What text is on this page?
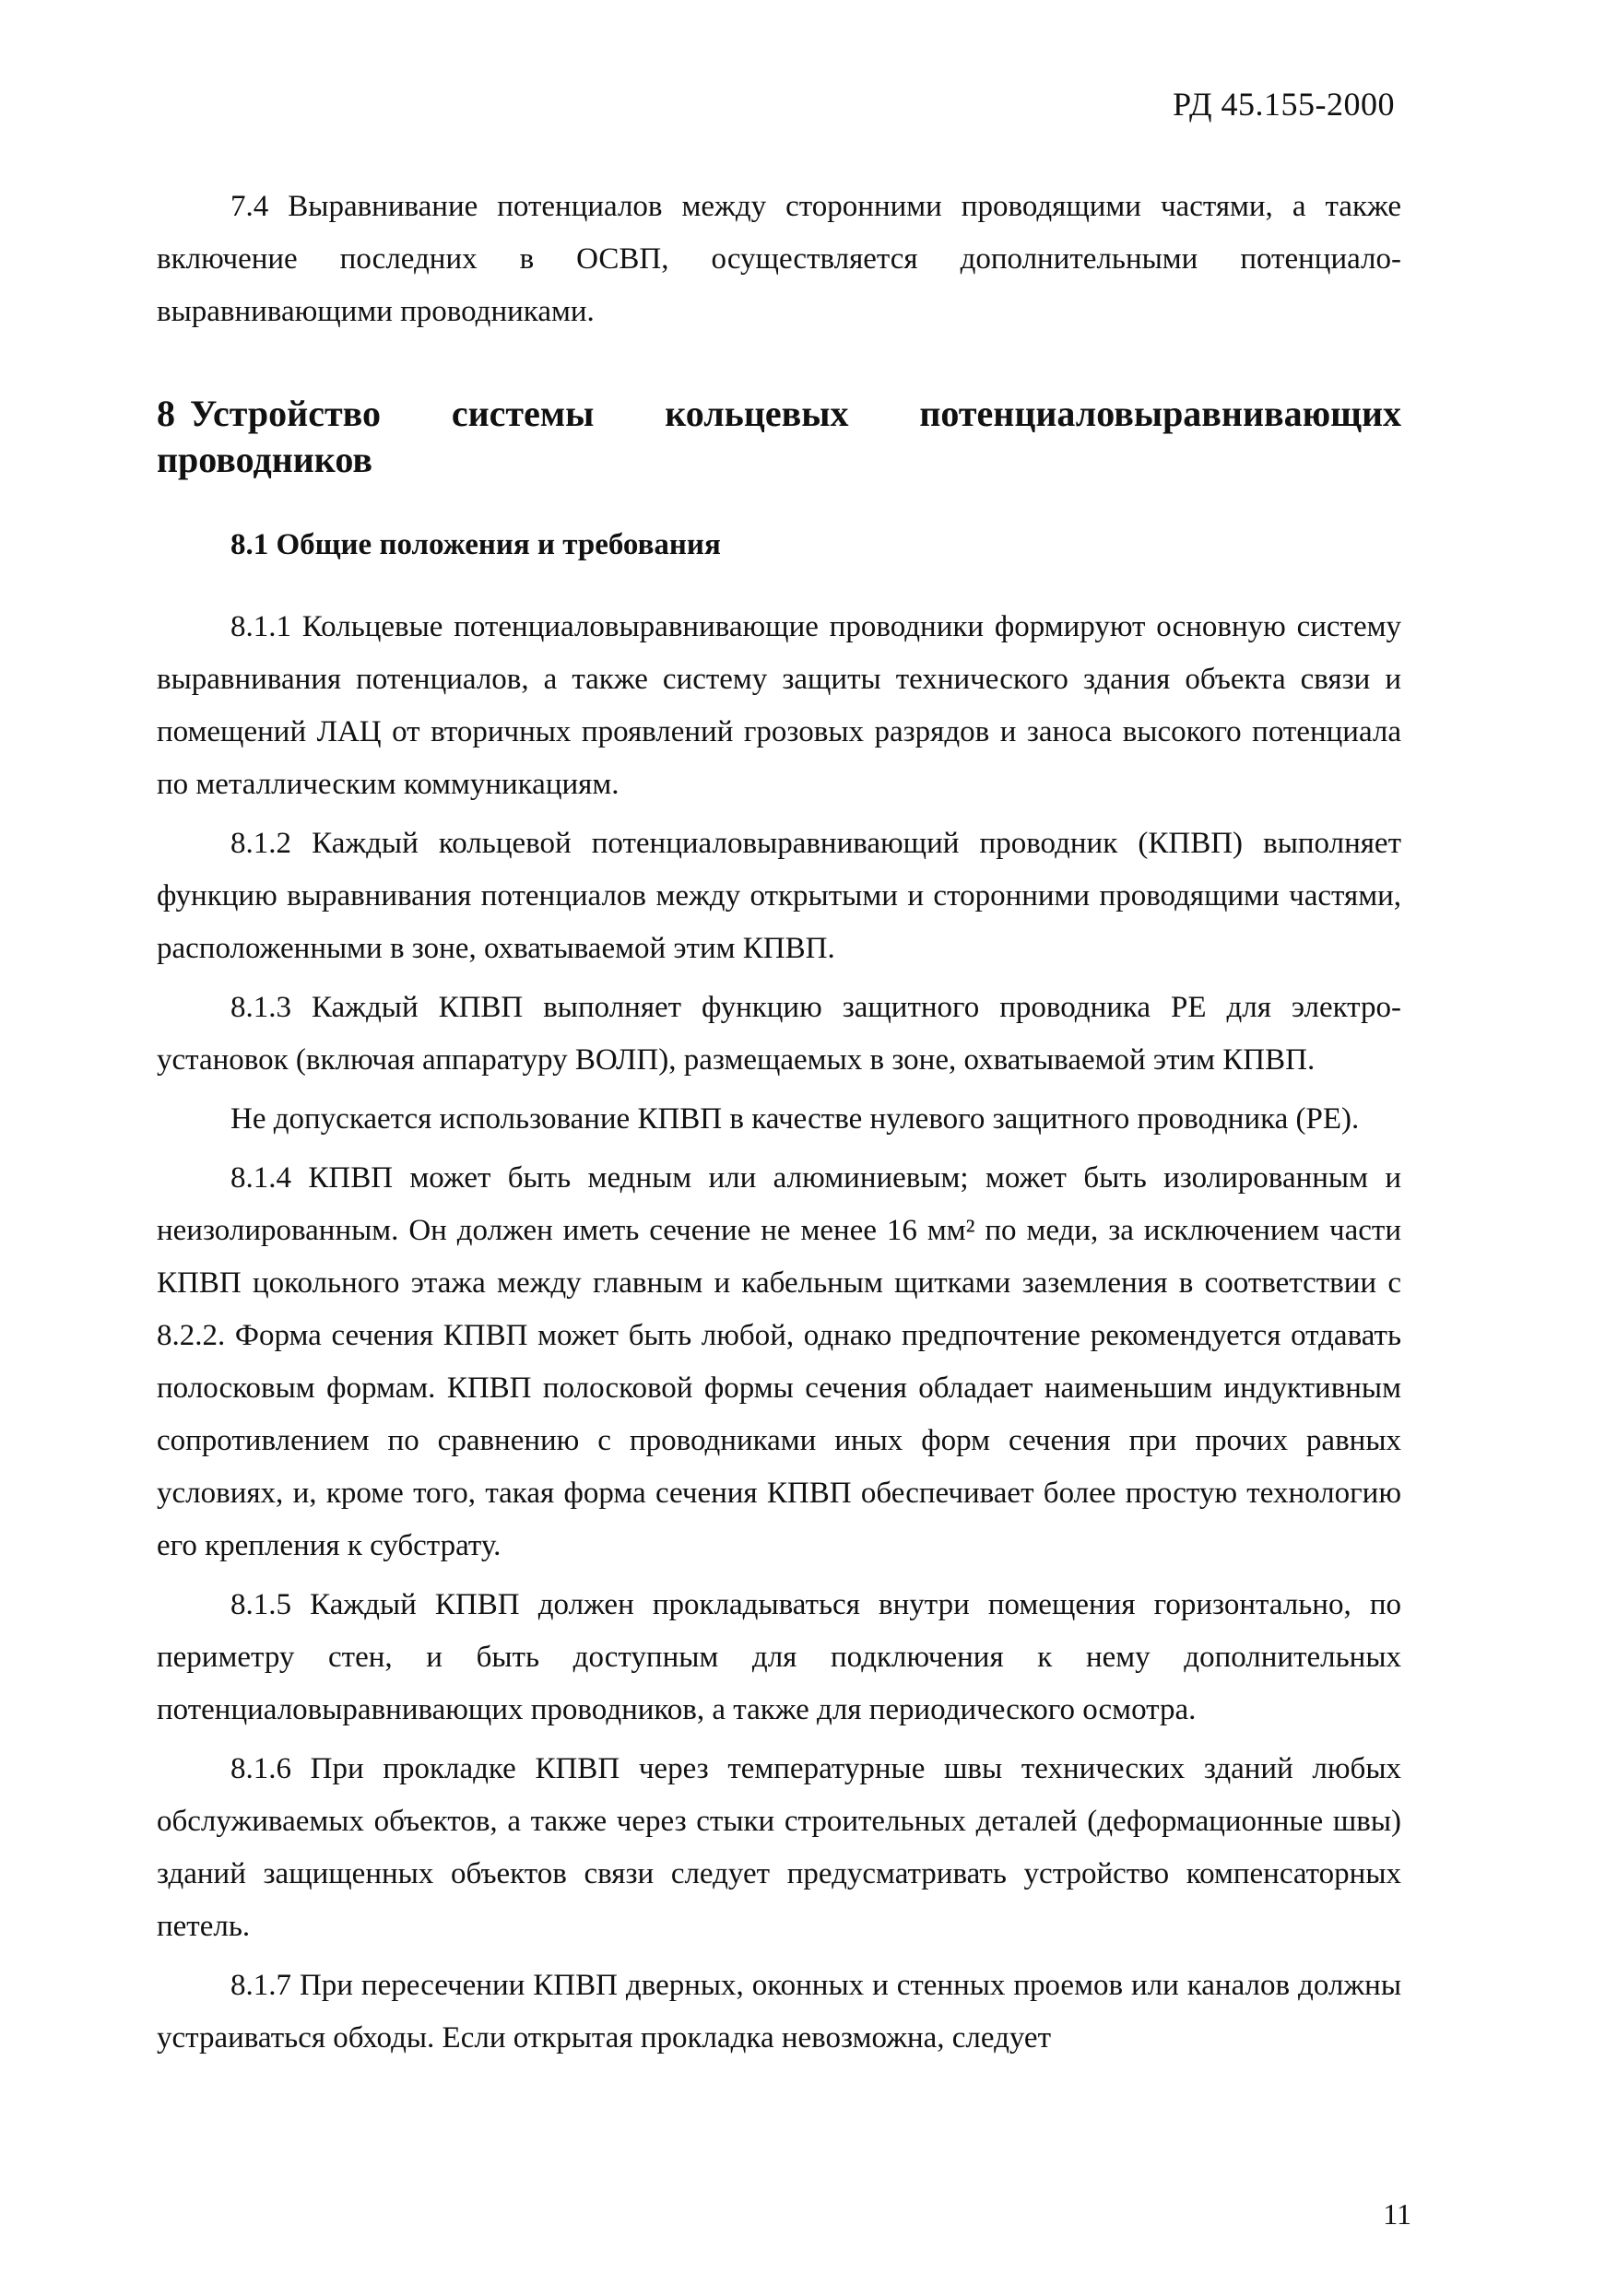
РД 45.155-2000

7.4 Выравнивание потенциалов между сторонними проводящими частями, а также включение последних в ОСВП, осуществляется дополнительными потенциало-выравнивающими проводниками.

8 Устройство системы кольцевых потенциаловыравнивающих проводников
8.1 Общие положения и требования

8.1.1 Кольцевые потенциаловыравнивающие проводники формируют основную систему выравнивания потенциалов, а также систему защиты технического здания объекта связи и помещений ЛАЦ от вторичных проявлений грозовых разрядов и заноса высокого потенциала по металлическим коммуникациям.

8.1.2 Каждый кольцевой потенциаловыравнивающий проводник (КПВП) выполняет функцию выравнивания потенциалов между открытыми и сторонними проводящими частями, расположенными в зоне, охватываемой этим КПВП.

8.1.3 Каждый КПВП выполняет функцию защитного проводника РЕ для электро-установок (включая аппаратуру ВОЛП), размещаемых в зоне, охватываемой этим КПВП.

Не допускается использование КПВП в качестве нулевого защитного проводника (РЕ).

8.1.4 КПВП может быть медным или алюминиевым; может быть изолированным и неизолированным. Он должен иметь сечение не менее 16 мм² по меди, за исключением части КПВП цокольного этажа между главным и кабельным щитками заземления в соответствии с 8.2.2. Форма сечения КПВП может быть любой, однако предпочтение рекомендуется отдавать полосковым формам. КПВП полосковой формы сечения обладает наименьшим индуктивным сопротивлением по сравнению с проводниками иных форм сечения при прочих равных условиях, и, кроме того, такая форма сечения КПВП обеспечивает более простую технологию его крепления к субстрату.

8.1.5 Каждый КПВП должен прокладываться внутри помещения горизонтально, по периметру стен, и быть доступным для подключения к нему дополнительных потенциаловыравнивающих проводников, а также для периодического осмотра.

8.1.6 При прокладке КПВП через температурные швы технических зданий любых обслуживаемых объектов, а также через стыки строительных деталей (деформационные швы) зданий защищенных объектов связи следует предусматривать устройство компенсаторных петель.

8.1.7 При пересечении КПВП дверных, оконных и стенных проемов или каналов должны устраиваться обходы. Если открытая прокладка невозможна, следует

11
